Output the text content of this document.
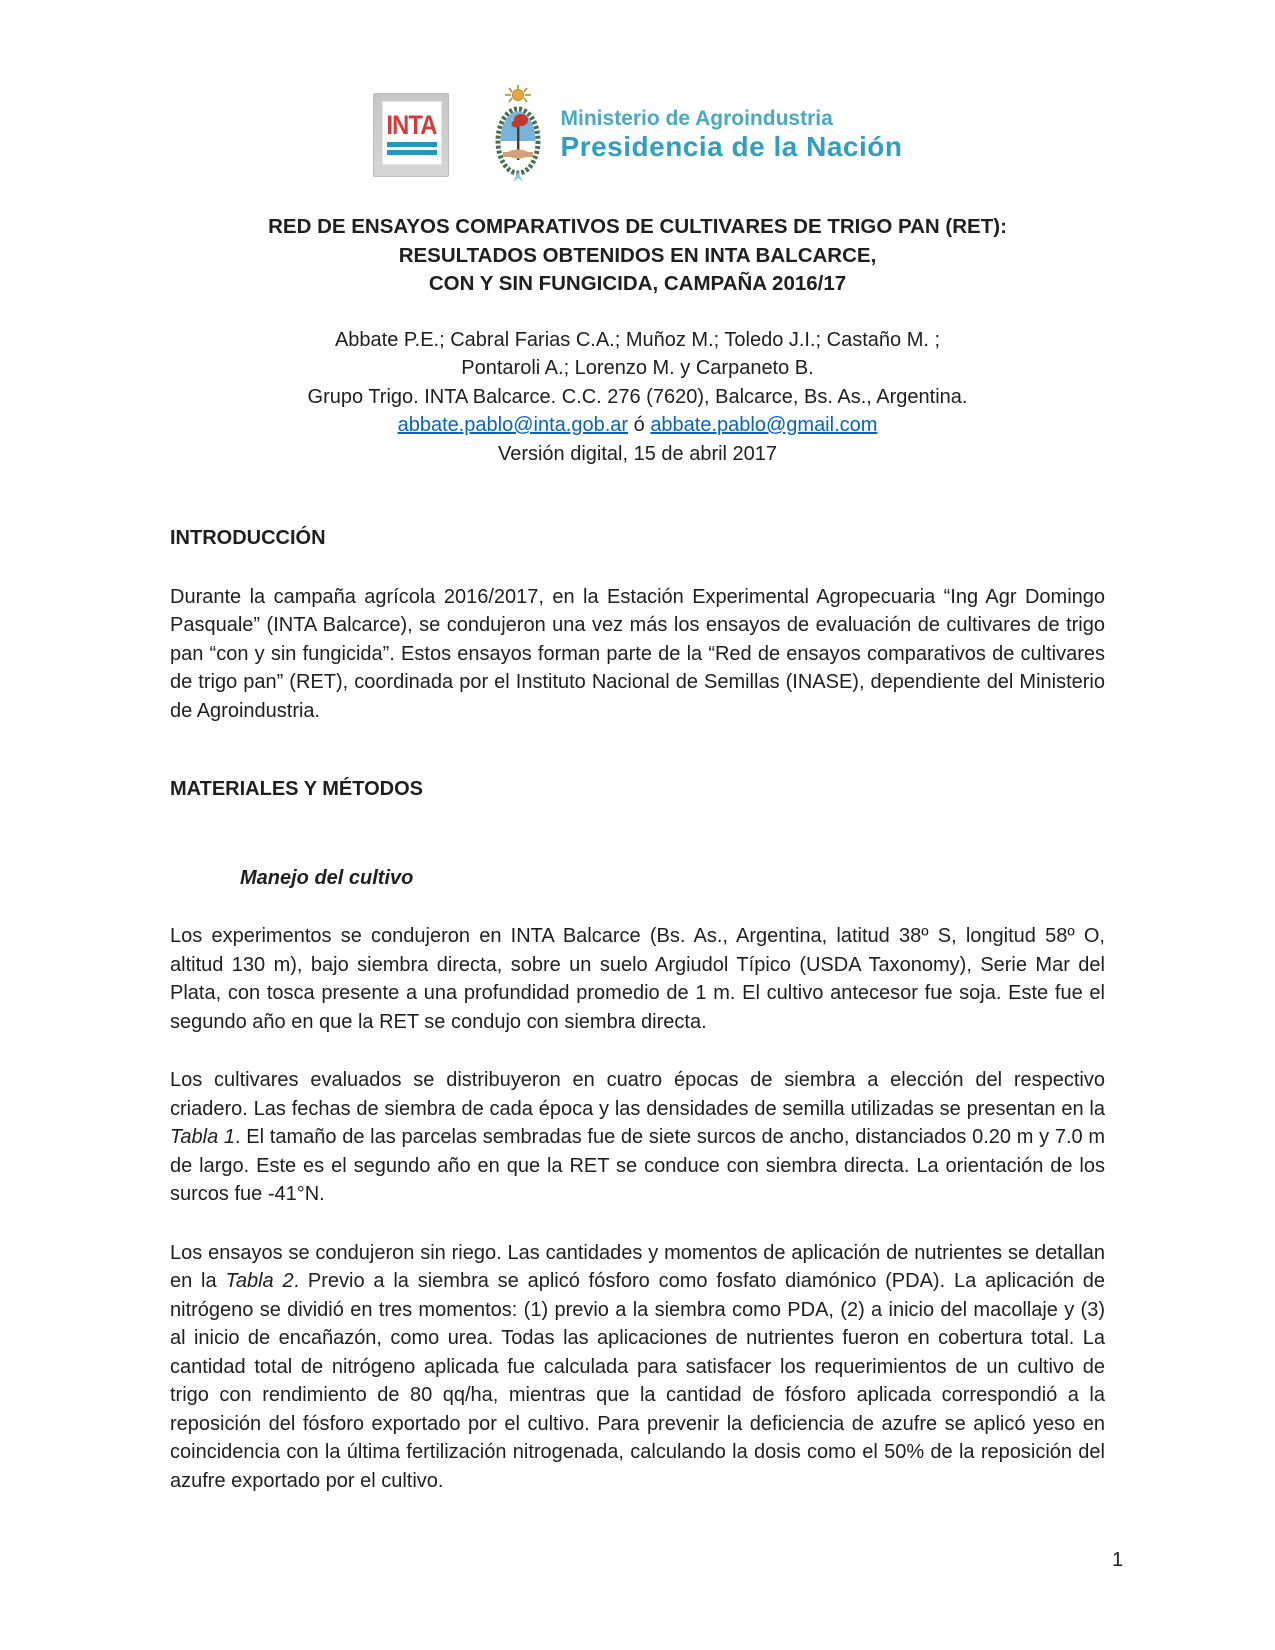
INTA	Ministerio de Agroindustria
Presidencia de la Nación
RED DE ENSAYOS COMPARATIVOS DE CULTIVARES DE TRIGO PAN (RET):
RESULTADOS OBTENIDOS EN INTA BALCARCE,
CON Y SIN FUNGICIDA, CAMPAÑA 2016/17
Abbate P.E.; Cabral Farias C.A.; Muñoz M.; Toledo J.I.; Castaño M. ;
Pontaroli A.; Lorenzo M. y Carpaneto B.
Grupo Trigo. INTA Balcarce. C.C. 276 (7620), Balcarce, Bs. As., Argentina.
abbate.pablo@inta.gob.ar ó abbate.pablo@gmail.com
Versión digital, 15 de abril 2017
INTRODUCCIÓN

Durante la campaña agrícola 2016/2017, en la Estación Experimental Agropecuaria “Ing Agr Domingo Pasquale” (INTA Balcarce), se condujeron una vez más los ensayos de evaluación de cultivares de trigo pan “con y sin fungicida”. Estos ensayos forman parte de la “Red de ensayos comparativos de cultivares de trigo pan” (RET), coordinada por el Instituto Nacional de Semillas (INASE), dependiente del Ministerio de Agroindustria.

MATERIALES Y MÉTODOS
Manejo del cultivo

Los experimentos se condujeron en INTA Balcarce (Bs. As., Argentina, latitud 38º S, longitud 58º O, altitud 130 m), bajo siembra directa, sobre un suelo Argiudol Típico (USDA Taxonomy), Serie Mar del Plata, con tosca presente a una profundidad promedio de 1 m. El cultivo antecesor fue soja. Este fue el segundo año en que la RET se condujo con siembra directa.

Los cultivares evaluados se distribuyeron en cuatro épocas de siembra a elección del respectivo criadero. Las fechas de siembra de cada época y las densidades de semilla utilizadas se presentan en la Tabla 1. El tamaño de las parcelas sembradas fue de siete surcos de ancho, distanciados 0.20 m y 7.0 m de largo. Este es el segundo año en que la RET se conduce con siembra directa. La orientación de los surcos fue -41°N.

Los ensayos se condujeron sin riego. Las cantidades y momentos de aplicación de nutrientes se detallan en la Tabla 2. Previo a la siembra se aplicó fósforo como fosfato diamónico (PDA). La aplicación de nitrógeno se dividió en tres momentos: (1) previo a la siembra como PDA, (2) a inicio del macollaje y (3) al inicio de encañazón, como urea. Todas las aplicaciones de nutrientes fueron en cobertura total. La cantidad total de nitrógeno aplicada fue calculada para satisfacer los requerimientos de un cultivo de trigo con rendimiento de 80 qq/ha, mientras que la cantidad de fósforo aplicada correspondió a la reposición del fósforo exportado por el cultivo. Para prevenir la deficiencia de azufre se aplicó yeso en coincidencia con la última fertilización nitrogenada, calculando la dosis como el 50% de la reposición del azufre exportado por el cultivo.

1
